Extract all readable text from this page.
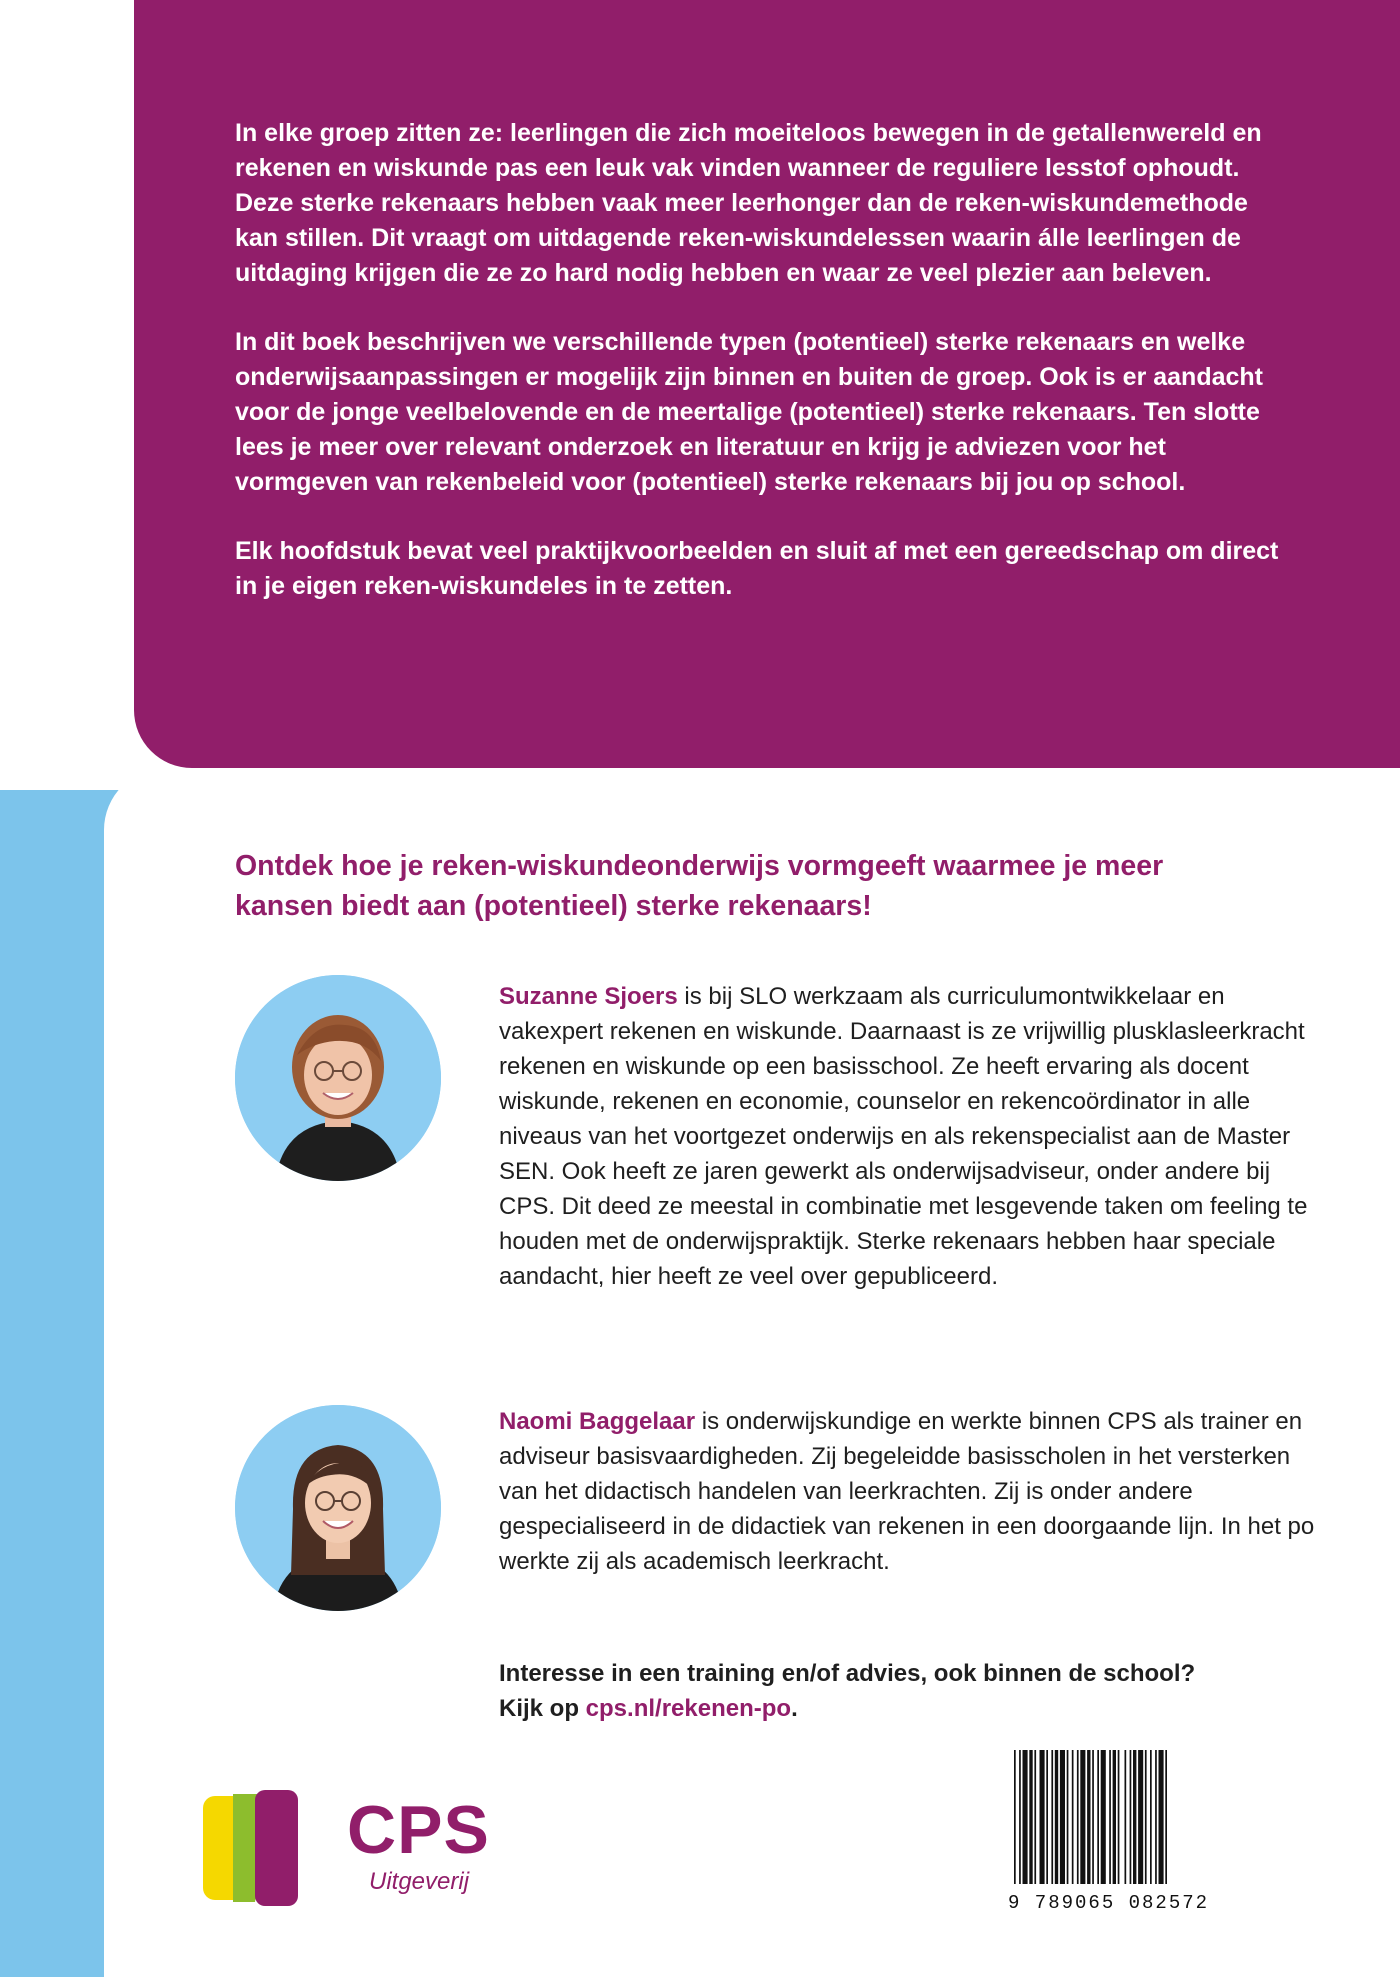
In elke groep zitten ze: leerlingen die zich moeiteloos bewegen in de getallenwereld en rekenen en wiskunde pas een leuk vak vinden wanneer de reguliere lesstof ophoudt. Deze sterke rekenaars hebben vaak meer leerhonger dan de reken-wiskundemethode kan stillen. Dit vraagt om uitdagende reken-wiskundelessen waarin álle leerlingen de uitdaging krijgen die ze zo hard nodig hebben en waar ze veel plezier aan beleven.

In dit boek beschrijven we verschillende typen (potentieel) sterke rekenaars en welke onderwijsaanpassingen er mogelijk zijn binnen en buiten de groep. Ook is er aandacht voor de jonge veelbelovende en de meertalige (potentieel) sterke rekenaars. Ten slotte lees je meer over relevant onderzoek en literatuur en krijg je adviezen voor het vormgeven van rekenbeleid voor (potentieel) sterke rekenaars bij jou op school.

Elk hoofdstuk bevat veel praktijkvoorbeelden en sluit af met een gereedschap om direct in je eigen reken-wiskundeles in te zetten.

Ontdek hoe je reken-wiskundeonderwijs vormgeeft waarmee je meer kansen biedt aan (potentieel) sterke rekenaars!

Suzanne Sjoers is bij SLO werkzaam als curriculumontwikkelaar en vakexpert rekenen en wiskunde. Daarnaast is ze vrijwillig plusklasleerkracht rekenen en wiskunde op een basisschool. Ze heeft ervaring als docent wiskunde, rekenen en economie, counselor en rekencoördinator in alle niveaus van het voortgezet onderwijs en als rekenspecialist aan de Master SEN. Ook heeft ze jaren gewerkt als onderwijsadviseur, onder andere bij CPS. Dit deed ze meestal in combinatie met lesgevende taken om feeling te houden met de onderwijspraktijk. Sterke rekenaars hebben haar speciale aandacht, hier heeft ze veel over gepubliceerd.

Naomi Baggelaar is onderwijskundige en werkte binnen CPS als trainer en adviseur basisvaardigheden. Zij begeleidde basisscholen in het versterken van het didactisch handelen van leerkrachten. Zij is onder andere gespecialiseerd in de didactiek van rekenen in een doorgaande lijn. In het po werkte zij als academisch leerkracht.

Interesse in een training en/of advies, ook binnen de school?

Kijk op cps.nl/rekenen-po.

CPS

Uitgeverij

9 789065 082572
